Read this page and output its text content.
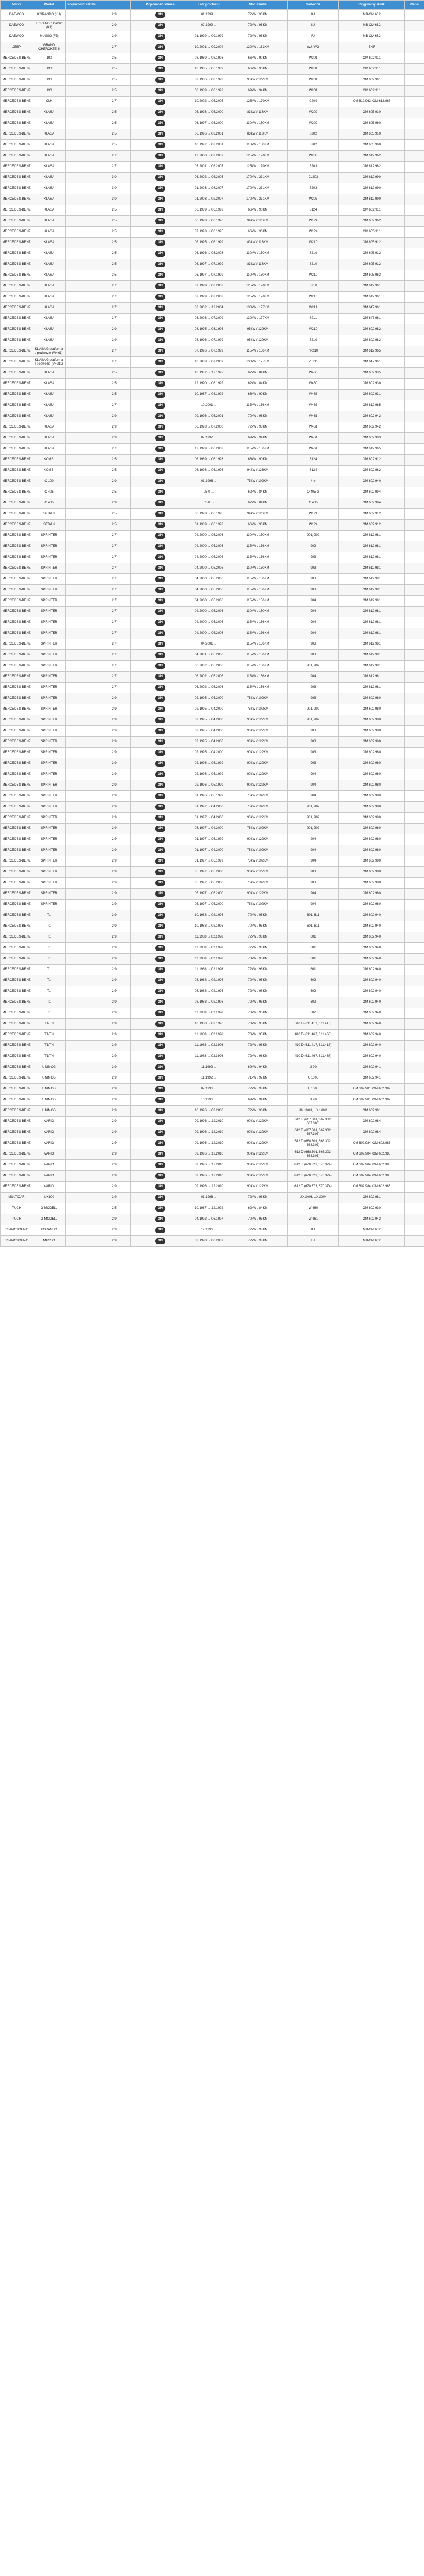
Marka	Model	Pojemność silnika		Pojemność silnika	Lata produkcji	Moc silnika	Nadwozie	Oryginalny silnik	Cena
DAEWOO	KORANDO (KJ)		2.9	ON	01.1999 →	72kW / 98KM	KJ	MB-OM 662	
DAEWOO	KORANDO Cabrio (KJ)		2.9	ON	02.1999 →	72kW / 98KM	KJ	MB-OM 662	
DAEWOO	MUSSO (FJ)		2.9	ON	01.1999 → 09.1999	72kW / 98KM	FJ	MB-OM 662	
JEEP	GRAND CHEROKEE II		2.7	ON	10.2001 → 09.2004	120kW / 163KM	WJ, WG	ENF	
MERCEDES-BENZ	190		2.5	ON	08.1989 → 08.1993	66kW / 90KM	W201	OM 602.911	
MERCEDES-BENZ	190		2.5	ON	10.1985 → 05.1989	66kW / 90KM	W201	OM 602.911	
MERCEDES-BENZ	190		2.5	ON	02.1986 → 08.1993	90kW / 122KM	W201	OM 602.961	
MERCEDES-BENZ	190		2.5	ON	08.1989 → 08.1993	69kW / 94KM	W201	OM 602.911	
MERCEDES-BENZ	CLK		2.7	ON	10.2002 → 05.2005	125kW / 170KM	C209	OM 612.962, OM 612.967	
MERCEDES-BENZ	KLASA		2.5	ON	05.1993 → 05.2000	83kW / 113KM	W202	OM 605.910	
MERCEDES-BENZ	KLASA		2.5	ON	06.1997 → 05.2000	110kW / 150KM	W202	OM 605.960	
MERCEDES-BENZ	KLASA		2.5	ON	06.1996 → 03.2001	83kW / 113KM	S202	OM 605.910	
MERCEDES-BENZ	KLASA		2.5	ON	10.1997 → 03.2001	110kW / 150KM	S202	OM 605.960	
MERCEDES-BENZ	KLASA		2.7	ON	12.2000 → 02.2007	125kW / 170KM	W203	OM 612.962	
MERCEDES-BENZ	KLASA		2.7	ON	03.2001 → 08.2007	125kW / 170KM	S203	OM 612.962	
MERCEDES-BENZ	KLASA		3.0	ON	06.2002 → 05.2005	170kW / 231KM	CL203	OM 612.990	
MERCEDES-BENZ	KLASA		3.0	ON	01.2003 → 08.2007	170kW / 231KM	S203	OM 612.990	
MERCEDES-BENZ	KLASA		3.0	ON	01.2003 → 02.2007	170kW / 231KM	W203	OM 612.990	
MERCEDES-BENZ	KLASA		2.5	ON	06.1989 → 06.1993	66kW / 90KM	S124	OM 602.911	
MERCEDES-BENZ	KLASA		2.5	ON	06.1993 → 06.1996	94kW / 126KM	W124	OM 602.962	
MERCEDES-BENZ	KLASA		2.5	ON	07.1993 → 06.1995	66kW / 90KM	W124	OM 605.911	
MERCEDES-BENZ	KLASA		2.5	ON	06.1995 → 06.1999	83kW / 113KM	W210	OM 605.912	
MERCEDES-BENZ	KLASA		2.5	ON	06.1996 → 03.2003	110kW / 150KM	S210	OM 605.912	
MERCEDES-BENZ	KLASA		2.5	ON	06.1997 → 07.1999	83kW / 113KM	S210	OM 605.912	
MERCEDES-BENZ	KLASA		2.5	ON	06.1997 → 07.1999	110kW / 150KM	W210	OM 605.962	
MERCEDES-BENZ	KLASA		2.7	ON	07.1999 → 03.2003	125kW / 170KM	S210	OM 612.961	
MERCEDES-BENZ	KLASA		2.7	ON	07.1999 → 03.2003	125kW / 170KM	W210	OM 612.961	
MERCEDES-BENZ	KLASA		2.7	ON	03.2002 → 12.2004	130kW / 177KM	W211	OM 647.961	
MERCEDES-BENZ	KLASA		2.7	ON	03.2003 → 07.2009	130kW / 177KM	S211	OM 647.961	
MERCEDES-BENZ	KLASA		2.9	ON	08.1995 → 03.1996	95kW / 129KM	W210	OM 602.982	
MERCEDES-BENZ	KLASA		2.9	ON	08.1996 → 07.1999	95kW / 129KM	S210	OM 602.982	
MERCEDES-BENZ	KLASA G platforma / podwozie (W461)		2.7	ON	07.1996 → 07.1999	115kW / 156KM	/ P210	OM 612.965	
MERCEDES-BENZ	KLASA G platforma / podwozie (VF211)		2.7	ON	10.2003 → 07.2009	130kW / 177KM	VF211	OM 647.961	
MERCEDES-BENZ	KLASA		2.5	ON	10.1987 → 12.1992	62kW / 84KM	W460	OM 602.935	
MERCEDES-BENZ	KLASA		2.5	ON	12.1990 → 08.1992	62kW / 84KM	W460	OM 602.930	
MERCEDES-BENZ	KLASA		2.5	ON	10.1987 → 08.1992	66kW / 90KM	W463	OM 602.931	
MERCEDES-BENZ	KLASA		2.7	ON	10.2001 →	115kW / 156KM	W463	OM 612.965	
MERCEDES-BENZ	KLASA		2.9	ON	09.1996 → 05.2001	70kW / 95KM	W461	OM 602.942	
MERCEDES-BENZ	KLASA		2.9	ON	06.1993 → 07.2000	72kW / 98KM	W461	OM 602.942	
MERCEDES-BENZ	KLASA		2.9	ON	07.1997 →	69kW / 94KM	W461	OM 602.983	
MERCEDES-BENZ	KLASA		2.7	ON	12.1999 → 06.2003	115kW / 156KM	W461	OM 612.965	
MERCEDES-BENZ	KOMBI		2.5	ON	06.1989 → 06.1993	66kW / 90KM	S124	OM 602.912	
MERCEDES-BENZ	KOMBI		2.5	ON	06.1993 → 06.1996	94kW / 126KM	S124	OM 602.962	
MERCEDES-BENZ	O 100		2.9	ON	01.1996 →	75kW / 102KM	/ Iv	OM 602.940	
MERCEDES-BENZ	O 405		2.5	ON	05.0 →	62kW / 84KM	O 405 G	OM 602.994	
MERCEDES-BENZ	O 405		2.9	ON	05.0 →	62kW / 84KM	O 405	OM 602.994	
MERCEDES-BENZ	SEDAN		2.5	ON	06.1993 → 06.1995	94kW / 126KM	W124	OM 602.912	
MERCEDES-BENZ	SEDAN		2.5	ON	01.1989 → 06.1993	66kW / 90KM	W124	OM 602.912	
MERCEDES-BENZ	SPRINTER		2.7	ON	04.2000 → 05.2006	110kW / 150KM	901, 902	OM 612.981	
MERCEDES-BENZ	SPRINTER		2.7	ON	04.2000 → 05.2006	115kW / 156KM	902	OM 612.981	
MERCEDES-BENZ	SPRINTER		2.7	ON	04.2000 → 05.2006	115kW / 156KM	903	OM 612.981	
MERCEDES-BENZ	SPRINTER		2.7	ON	04.2000 → 05.2006	110kW / 150KM	903	OM 612.981	
MERCEDES-BENZ	SPRINTER		2.7	ON	04.2000 → 05.2006	115kW / 156KM	903	OM 612.981	
MERCEDES-BENZ	SPRINTER		2.7	ON	04.2000 → 05.2006	115kW / 156KM	903	OM 612.981	
MERCEDES-BENZ	SPRINTER		2.7	ON	04.2000 → 05.2006	115kW / 156KM	904	OM 612.981	
MERCEDES-BENZ	SPRINTER		2.7	ON	04.2000 → 05.2006	110kW / 150KM	904	OM 612.981	
MERCEDES-BENZ	SPRINTER		2.7	ON	04.2000 → 05.2006	115kW / 156KM	904	OM 612.981	
MERCEDES-BENZ	SPRINTER		2.7	ON	04.2000 → 05.2006	115kW / 156KM	904	OM 612.981	
MERCEDES-BENZ	SPRINTER		2.7	ON	04.2001 →	115kW / 156KM	903	OM 612.981	
MERCEDES-BENZ	SPRINTER		2.7	ON	04.2001 → 05.2006	115kW / 156KM	903	OM 612.981	
MERCEDES-BENZ	SPRINTER		2.7	ON	06.2002 → 05.2006	115kW / 156KM	901, 902	OM 612.981	
MERCEDES-BENZ	SPRINTER		2.7	ON	06.2002 → 05.2006	115kW / 156KM	904	OM 612.981	
MERCEDES-BENZ	SPRINTER		2.7	ON	06.2002 → 05.2006	115kW / 156KM	903	OM 612.981	
MERCEDES-BENZ	SPRINTER		2.9	ON	02.1995 → 05.2000	75kW / 102KM	903	OM 602.980	
MERCEDES-BENZ	SPRINTER		2.9	ON	02.1995 → 04.2000	75kW / 102KM	901, 902	OM 602.980	
MERCEDES-BENZ	SPRINTER		2.9	ON	02.1995 → 04.2000	90kW / 122KM	901, 902	OM 602.980	
MERCEDES-BENZ	SPRINTER		2.9	ON	02.1995 → 04.2000	90kW / 122KM	903	OM 602.980	
MERCEDES-BENZ	SPRINTER		2.9	ON	02.1995 → 04.2000	90kW / 122KM	903	OM 602.980	
MERCEDES-BENZ	SPRINTER		2.9	ON	02.1995 → 04.2000	90kW / 122KM	903	OM 602.980	
MERCEDES-BENZ	SPRINTER		2.9	ON	02.1996 → 05.1999	90kW / 122KM	903	OM 602.980	
MERCEDES-BENZ	SPRINTER		2.9	ON	02.1996 → 05.1999	90kW / 122KM	904	OM 602.980	
MERCEDES-BENZ	SPRINTER		2.9	ON	02.1996 → 05.1999	90kW / 122KM	904	OM 602.980	
MERCEDES-BENZ	SPRINTER		2.9	ON	01.1996 → 05.1999	75kW / 102KM	904	OM 602.980	
MERCEDES-BENZ	SPRINTER		2.9	ON	01.1997 → 04.2000	75kW / 102KM	901, 902	OM 602.980	
MERCEDES-BENZ	SPRINTER		2.9	ON	01.1997 → 04.2000	90kW / 122KM	901, 902	OM 602.980	
MERCEDES-BENZ	SPRINTER		2.9	ON	03.1997 → 04.2000	75kW / 102KM	901, 902	OM 602.980	
MERCEDES-BENZ	SPRINTER		2.9	ON	01.1997 → 05.1999	90kW / 122KM	904	OM 602.980	
MERCEDES-BENZ	SPRINTER		2.9	ON	01.1997 → 04.2000	75kW / 102KM	904	OM 602.980	
MERCEDES-BENZ	SPRINTER		2.9	ON	01.1997 → 05.1999	75kW / 102KM	904	OM 602.980	
MERCEDES-BENZ	SPRINTER		2.9	ON	05.1997 → 05.2000	90kW / 122KM	903	OM 602.980	
MERCEDES-BENZ	SPRINTER		2.9	ON	05.1997 → 05.2000	75kW / 102KM	903	OM 602.980	
MERCEDES-BENZ	SPRINTER		2.9	ON	05.1997 → 05.2000	90kW / 122KM	904	OM 602.980	
MERCEDES-BENZ	SPRINTER		2.9	ON	05.1997 → 05.2000	75kW / 102KM	904	OM 602.980	
MERCEDES-BENZ	T1		2.9	ON	10.1988 → 02.1996	70kW / 95KM	601, 611	OM 602.940	
MERCEDES-BENZ	T1		2.9	ON	10.1988 → 02.1996	70kW / 95KM	601, 611	OM 602.940	
MERCEDES-BENZ	T1		2.9	ON	11.1988 → 02.1996	72kW / 98KM	601	OM 602.940	
MERCEDES-BENZ	T1		2.9	ON	11.1988 → 02.1996	72kW / 98KM	601	OM 602.940	
MERCEDES-BENZ	T1		2.9	ON	11.1988 → 02.1996	70kW / 95KM	601	OM 602.940	
MERCEDES-BENZ	T1		2.9	ON	11.1988 → 02.1996	72kW / 98KM	601	OM 602.940	
MERCEDES-BENZ	T1		2.9	ON	08.1988 → 02.1996	70kW / 95KM	602	OM 602.940	
MERCEDES-BENZ	T1		2.9	ON	08.1988 → 02.1996	72kW / 98KM	602	OM 602.940	
MERCEDES-BENZ	T1		2.9	ON	08.1988 → 02.1996	72kW / 98KM	602	OM 602.940	
MERCEDES-BENZ	T1		2.9	ON	11.1988 → 02.1996	70kW / 95KM	602	OM 602.940	
MERCEDES-BENZ	T1/TN		2.9	ON	10.1988 → 02.1996	70kW / 95KM	610 D (611.417, 611.418)	OM 602.940	
MERCEDES-BENZ	T1/TN		2.9	ON	11.1988 → 02.1996	70kW / 95KM	410 D (611.467, 611.468)	OM 602.940	
MERCEDES-BENZ	T1/TN		2.9	ON	11.1988 → 02.1996	72kW / 98KM	410 D (611.417, 611.418)	OM 602.940	
MERCEDES-BENZ	T1/TN		2.9	ON	11.1988 → 02.1996	72kW / 98KM	410 D (611.467, 611.468)	OM 602.940	
MERCEDES-BENZ	UNIMOG		2.9	ON	11.1992 →	69kW / 94KM	U 90	OM 602.941	
MERCEDES-BENZ	UNIMOG		2.9	ON	11.1992 →	71kW / 97KM	U 100L	OM 602.941	
MERCEDES-BENZ	UNIMOG		2.9	ON	07.1996 →	72kW / 98KM	U 100L	OM 602.981, OM 602.982	
MERCEDES-BENZ	UNIMOG		2.9	ON	10.1996 →	69kW / 94KM	U 90	OM 602.981, OM 602.982	
MERCEDES-BENZ	UNIMOG		2.9	ON	10.1996 → 03.2000	72kW / 98KM	UX 100H, UX 100M	OM 602.981	
MERCEDES-BENZ	VARIO		2.9	ON	09.1996 → 12.2010	90kW / 122KM	612 D (667.301, 667.302, 667.303)	OM 602.984	
MERCEDES-BENZ	VARIO		2.9	ON	09.1996 → 12.2010	90kW / 122KM	612 D (667.301, 667.302, 667.303)	OM 602.984	
MERCEDES-BENZ	VARIO		2.9	ON	09.1996 → 12.2010	90kW / 122KM	612 D (668.301, 668.302, 668.303)	OM 602.984, OM 602.985	
MERCEDES-BENZ	VARIO		2.9	ON	09.1996 → 12.2010	90kW / 122KM	612 D (668.301, 668.302, 668.303)	OM 602.984, OM 602.985	
MERCEDES-BENZ	VARIO		2.9	ON	09.1996 → 12.2010	90kW / 122KM	612 D (670.323, 670.324)	OM 602.984, OM 602.985	
MERCEDES-BENZ	VARIO		2.9	ON	09.1996 → 12.2010	90kW / 122KM	612 D (670.323, 670.324)	OM 602.984, OM 602.985	
MERCEDES-BENZ	VARIO		2.9	ON	09.1996 → 12.2010	90kW / 122KM	612 D (670.373, 670.374)	OM 602.984, OM 602.985	
MULTICAR	UX100		2.9	ON	01.1996 →	72kW / 98KM	UX100H, UX100M	OM 602.981	
PUCH	G-MODELL		2.5	ON	10.1987 → 12.1992	62kW / 84KM	W 460	OM 602.930	
PUCH	G-MODELL		2.9	ON	04.1992 → 06.1997	70kW / 95KM	W 461	OM 602.942	
SSANGYOUNG	KORANDO		2.9	ON	12.1996 →	72kW / 98KM	KJ	MB-OM 662	
SSANGYOUNG	MUSSO		2.9	ON	03.1998 → 08.2007	72kW / 98KM	FJ	MB-OM 662	
